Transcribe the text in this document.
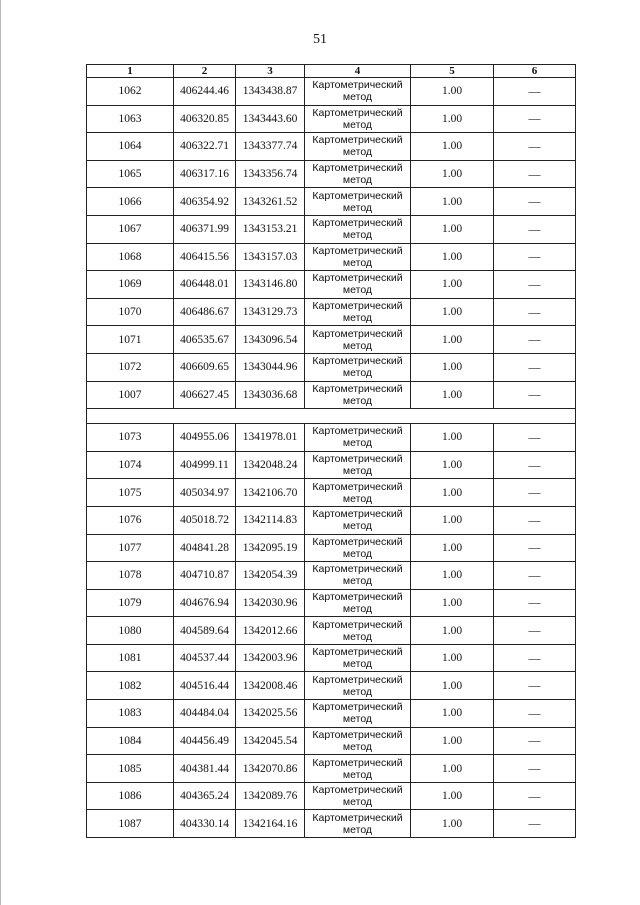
51
1	2	3	4	5	6
1062	406244.46	1343438.87	Картометрический метод	1.00	—
1063	406320.85	1343443.60	Картометрический метод	1.00	—
1064	406322.71	1343377.74	Картометрический метод	1.00	—
1065	406317.16	1343356.74	Картометрический метод	1.00	—
1066	406354.92	1343261.52	Картометрический метод	1.00	—
1067	406371.99	1343153.21	Картометрический метод	1.00	—
1068	406415.56	1343157.03	Картометрический метод	1.00	—
1069	406448.01	1343146.80	Картометрический метод	1.00	—
1070	406486.67	1343129.73	Картометрический метод	1.00	—
1071	406535.67	1343096.54	Картометрический метод	1.00	—
1072	406609.65	1343044.96	Картометрический метод	1.00	—
1007	406627.45	1343036.68	Картометрический метод	1.00	—

1073	404955.06	1341978.01	Картометрический метод	1.00	—
1074	404999.11	1342048.24	Картометрический метод	1.00	—
1075	405034.97	1342106.70	Картометрический метод	1.00	—
1076	405018.72	1342114.83	Картометрический метод	1.00	—
1077	404841.28	1342095.19	Картометрический метод	1.00	—
1078	404710.87	1342054.39	Картометрический метод	1.00	—
1079	404676.94	1342030.96	Картометрический метод	1.00	—
1080	404589.64	1342012.66	Картометрический метод	1.00	—
1081	404537.44	1342003.96	Картометрический метод	1.00	—
1082	404516.44	1342008.46	Картометрический метод	1.00	—
1083	404484.04	1342025.56	Картометрический метод	1.00	—
1084	404456.49	1342045.54	Картометрический метод	1.00	—
1085	404381.44	1342070.86	Картометрический метод	1.00	—
1086	404365.24	1342089.76	Картометрический метод	1.00	—
1087	404330.14	1342164.16	Картометрический метод	1.00	—
